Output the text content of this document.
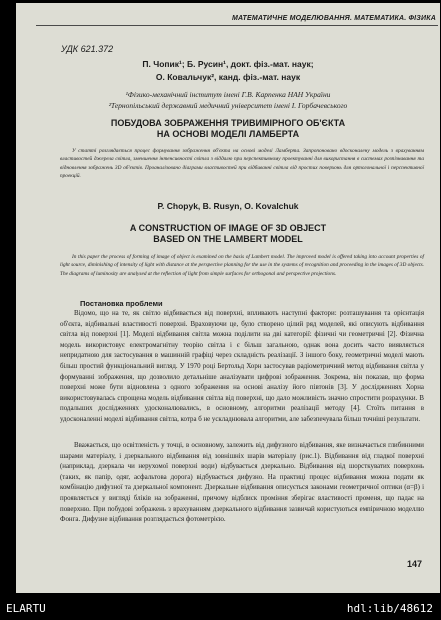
МАТЕМАТИЧНЕ МОДЕЛЮВАННЯ. МАТЕМАТИКА. ФІЗИКА
УДК 621.372
П. Чопик¹; Б. Русин¹, докт. фіз.-мат. наук;
О. Ковальчук², канд. фіз.-мат. наук
¹Фізико-механічний інститут імені Г.В. Карпенка НАН України
²Тернопільський державний медичний університет імені І. Горбачевського
ПОБУДОВА ЗОБРАЖЕННЯ ТРИВИМІРНОГО ОБ'ЄКТА
НА ОСНОВІ МОДЕЛІ ЛАМБЕРТА
У статті розглядається процес формування зображення об'єкта на основі моделі Ламберта. Запропоновано вдосконалену модель з врахуванням властивостей джерела світла, зменшення інтенсивності світла з віддалю при перспективному проектуванні для використання в системах розпізнавання та відновлення зображень 3D об'єктів. Проаналізовано діаграми властивостей при відбиванні світла від простих поверхонь для ортогональної і перспективної проекцій.
P. Chopyk, B. Rusyn, O. Kovalchuk
A CONSTRUCTION OF IMAGE OF 3D OBJECT
BASED ON THE LAMBERT MODEL
In this paper the process of forming of image of object is examined on the basis of Lambert model. The improved model is offered taking into account properties of light source, diminishing of intensity of light with distance at the perspective planning for the use in the systems of recognition and proceeding in the images of 3D objects. The diagrams of luminosity are analysed at the reflection of light from simple surfaces for orthogonal and perspective projections.
Постановка проблеми
Відомо, що на те, як світло відбивається від поверхні, впливають наступні фактори: розташування та орієнтація об'єкта, відбивальні властивості поверхні. Враховуючи це, було створено цілий ряд моделей, які описують відбивання світла від поверхні [1]. Моделі відбивання світла можна поділити на дві категорії: фізичні чи геометричні [2]. Фізична модель використовує електромагнітну теорію світла і є більш загальною, однак вона досить часто виявляється непридатною для застосування в машинній графіці через складність реалізації. З іншого боку, геометричні моделі мають більш простий функціональний вигляд. У 1970 році Бертольд Хорн застосував радіометричний метод відбивання світла у формуванні зображення, що дозволило детальніше аналізувати цифрові зображення. Зокрема, він показав, що форма поверхні може бути відновлена з одного зображення на основі аналізу його півтонів [3]. У дослідженнях Хорна використовувалась спрощена модель відбивання світла від поверхні, що дало можливість значно спростити розрахунки. В подальших дослідженнях удосконалювались, в основному, алгоритми реалізації методу [4]. Стоїть питання в удосконаленні моделі відбивання світла, котра б не ускладнювала алгоритми, але забезпечувала більш точніші результати.
Вважається, що освітленість у точці, в основному, залежить від дифузного відбивання, яке визначається глибинними шарами матеріалу, і дзеркального відбивання від зовнішніх шарів матеріалу (рис.1). Відбивання від гладкої поверхні (наприклад, дзеркала чи нерухомої поверхні води) відбувається дзеркально. Відбивання від шорсткуватих поверхонь (таких, як папір, одяг, асфальтова дорога) відбувається дифузно. На практиці процес відбивання можна подати як комбінацію дифузної та дзеркальної компонент. Дзеркальне відбивання описується законами геометричної оптики (α=β) і проявляється у вигляді бліків на зображенні, причому відблиск проміння зберігає властивості променя, що падає на поверхню. При побудові зображень з врахуванням дзеркального відбивання зазвичай користуються емпіричною моделлю Фонга. Дифузне відбивання розглядається фотометрією.
147
ELARTU	hdl:lib/48612
